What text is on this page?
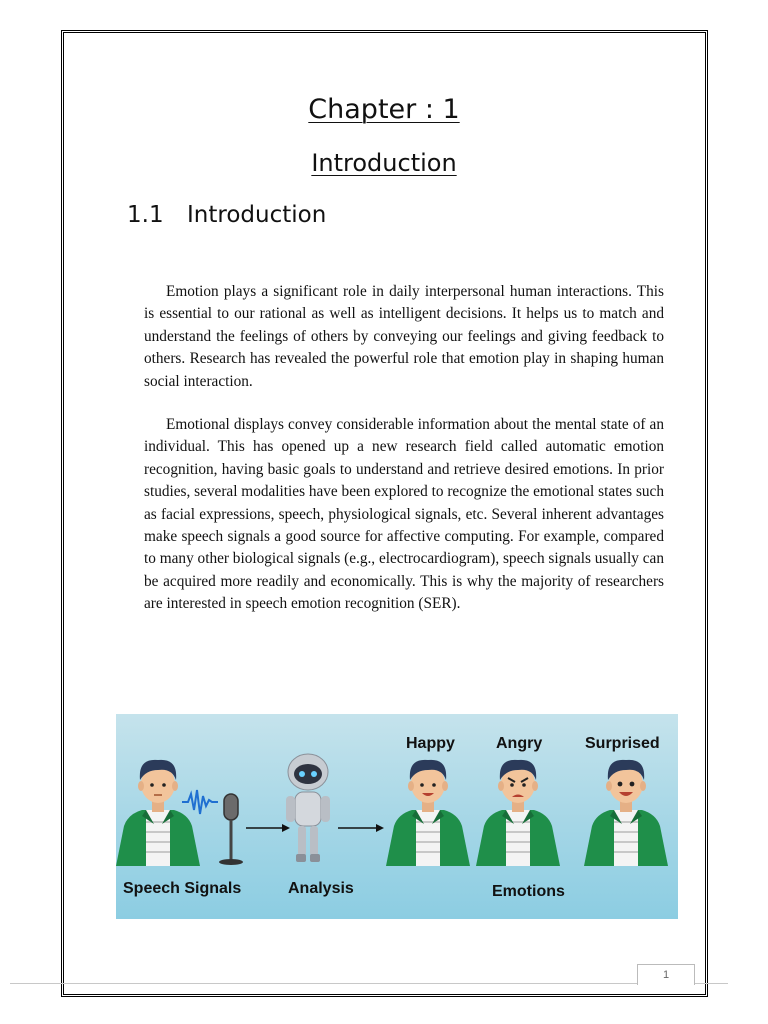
Chapter : 1
Introduction
1.1 Introduction

Emotion plays a significant role in daily interpersonal human interactions. This is essential to our rational as well as intelligent decisions. It helps us to match and understand the feelings of others by conveying our feelings and giving feedback to others. Research has revealed the powerful role that emotion play in shaping human social interaction.

Emotional displays convey considerable information about the mental state of an individual. This has opened up a new research field called automatic emotion recognition, having basic goals to understand and retrieve desired emotions. In prior studies, several modalities have been explored to recognize the emotional states such as facial expressions, speech, physiological signals, etc. Several inherent advantages make speech signals a good source for affective computing. For example, compared to many other biological signals (e.g., electrocardiogram), speech signals usually can be acquired more readily and economically. This is why the majority of researchers are interested in speech emotion recognition (SER).

Happy	Angry	Surprised
Speech Signals	Analysis	Emotions
1
